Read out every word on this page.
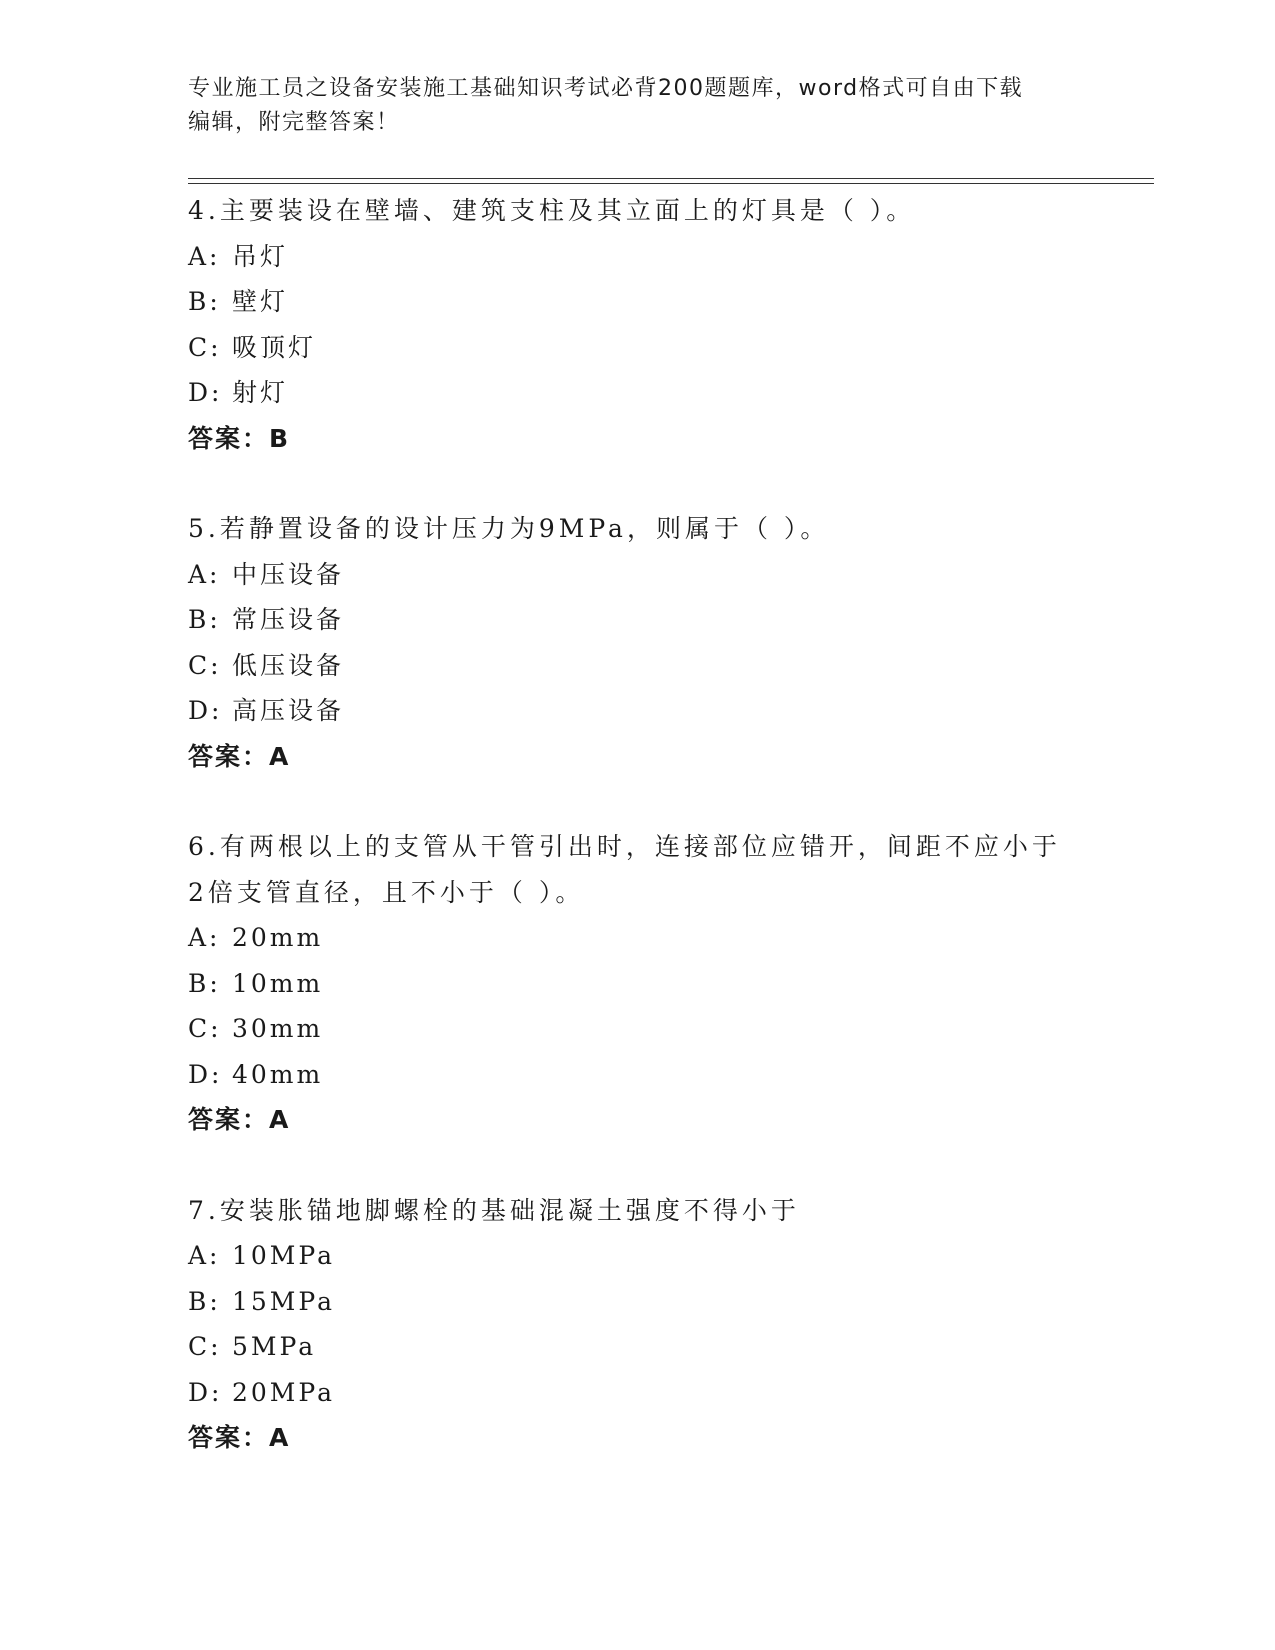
专业施工员之设备安装施工基础知识考试必背200题题库，word格式可自由下载
编辑，附完整答案！
4.主要装设在壁墙、建筑支柱及其立面上的灯具是（ ）。
A: 吊灯
B: 壁灯
C: 吸顶灯
D: 射灯
答案：B
5.若静置设备的设计压力为9MPa，则属于（ ）。
A: 中压设备
B: 常压设备
C: 低压设备
D: 高压设备
答案：A
6.有两根以上的支管从干管引出时，连接部位应错开，间距不应小于
2倍支管直径，且不小于（ ）。
A: 20mm
B: 10mm
C: 30mm
D: 40mm
答案：A
7.安装胀锚地脚螺栓的基础混凝土强度不得小于
A: 10MPa
B: 15MPa
C: 5MPa
D: 20MPa
答案：A
